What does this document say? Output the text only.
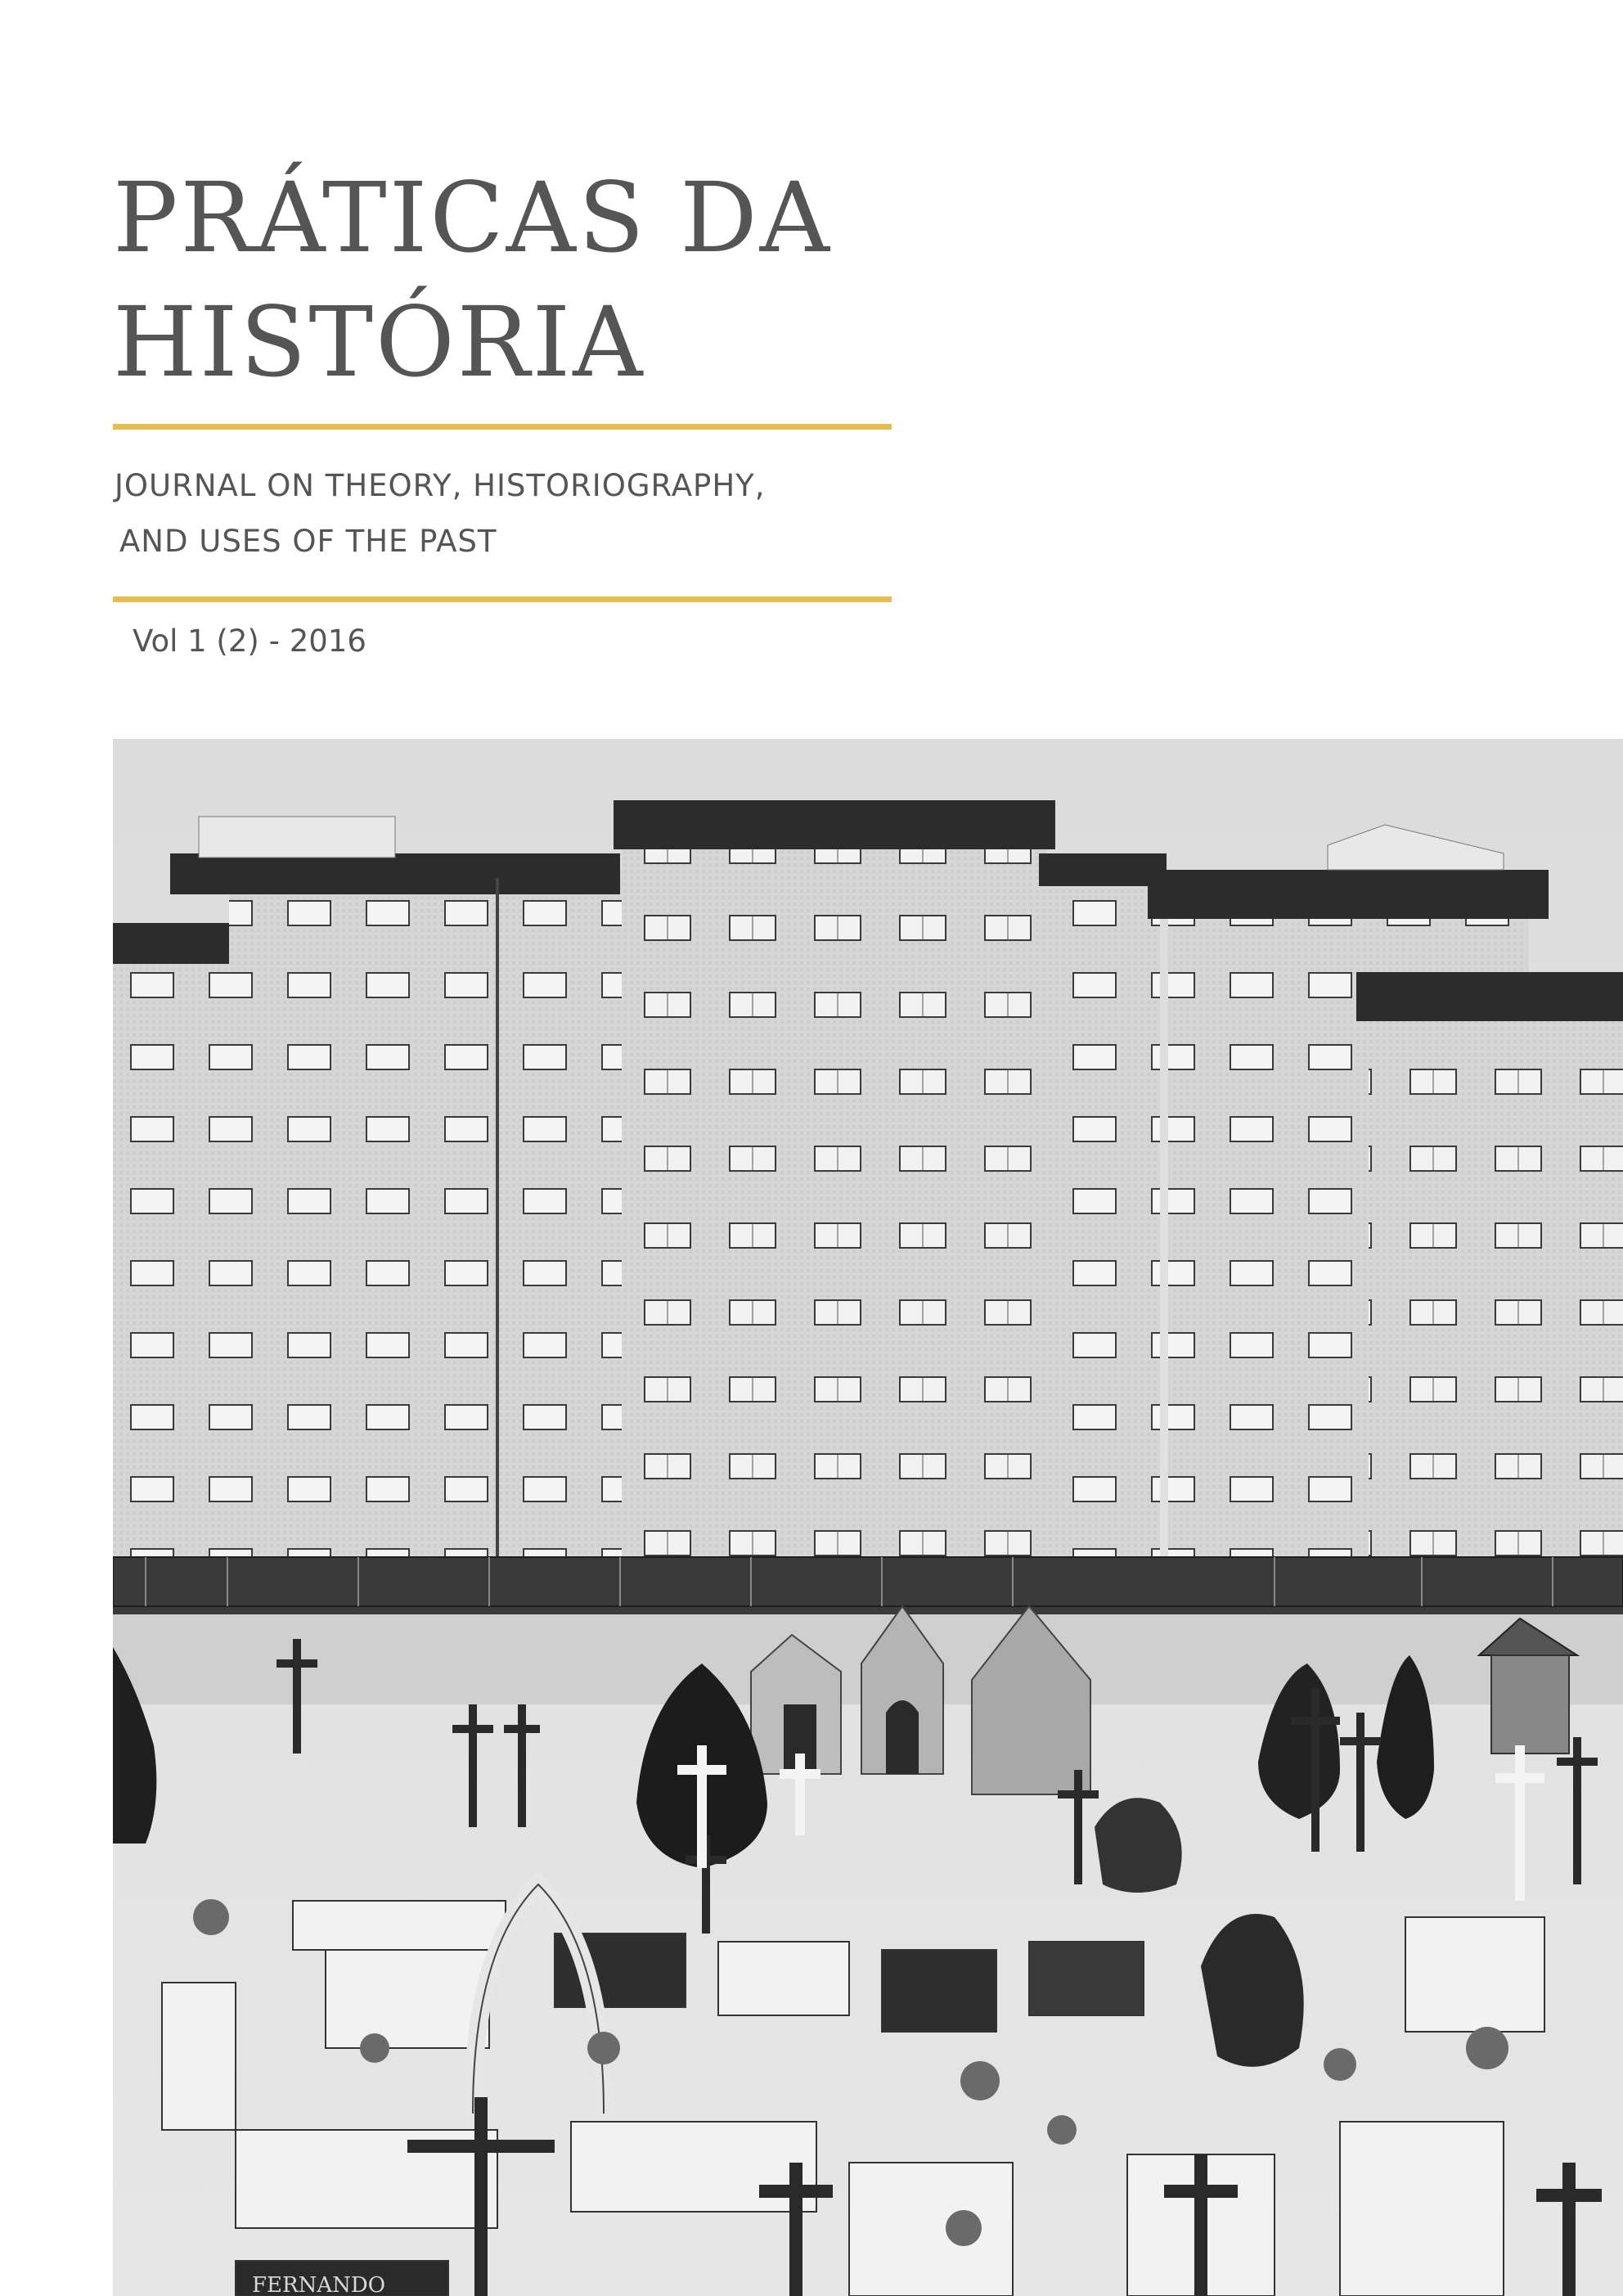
PRÁTICAS DA
HISTÓRIA
JOURNAL ON THEORY, HISTORIOGRAPHY,
AND USES OF THE PAST
Vol 1 (2) - 2016
FERNANDO
